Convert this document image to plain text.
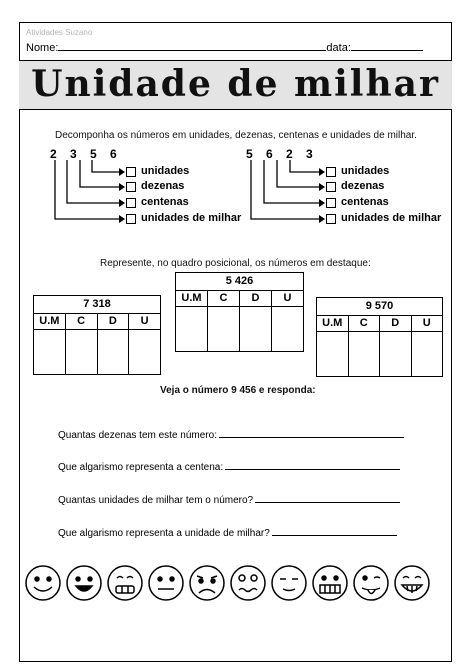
Atividades Suzano
Nome:	data:
Unidade de milhar
Decomponha os números em unidades, dezenas, centenas e unidades de milhar.
2 3 5 6	5 6 2 3
unidades
dezenas
centenas
unidades de milhar
unidades
dezenas
centenas
unidades de milhar
Represente, no quadro posicional, os números em destaque:
7 318
U.M	C	D	U
5 426
U.M	C	D	U
9 570
U.M	C	D	U
Veja o número 9 456 e responda:
Quantas dezenas tem este número:
Que algarismo representa a centena:
Quantas unidades de milhar tem o número?
Que algarismo representa a unidade de milhar?
